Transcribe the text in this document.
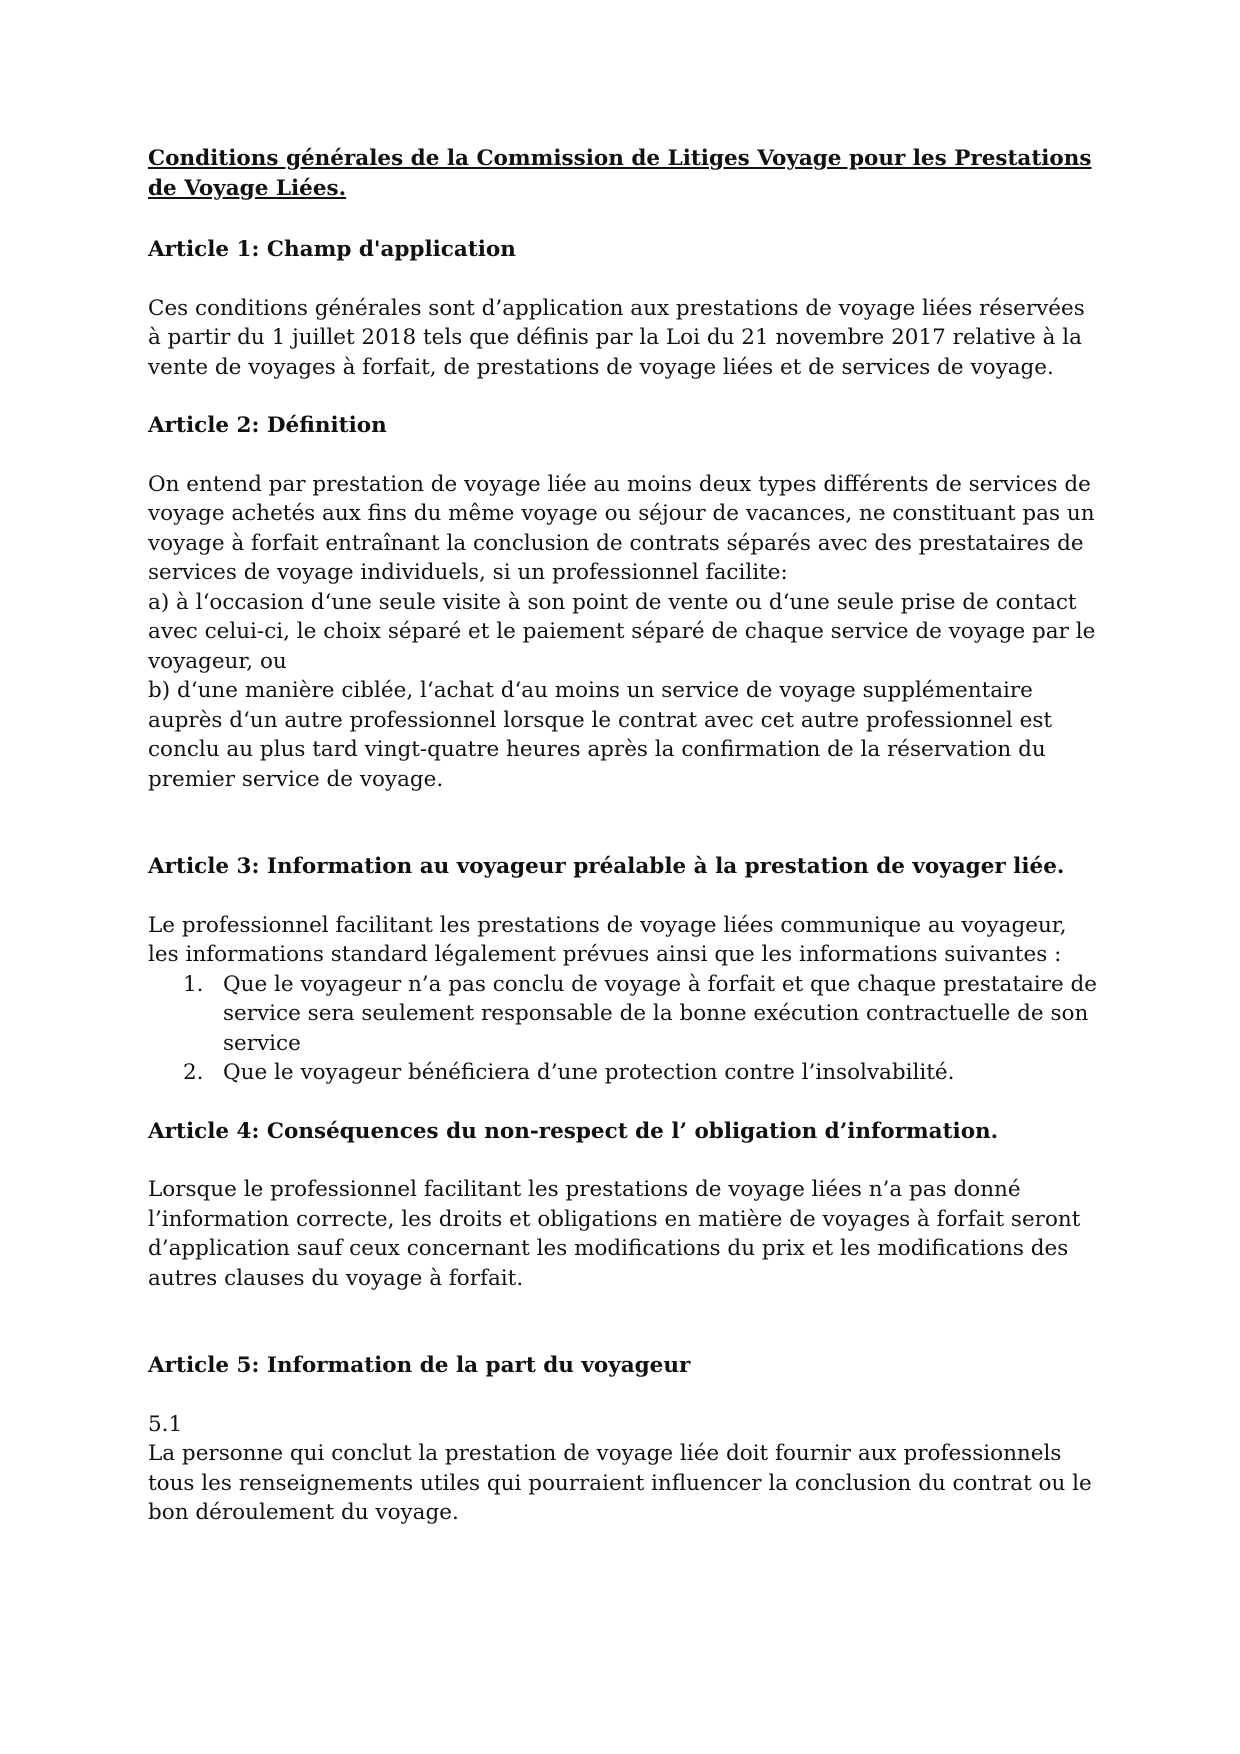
Conditions générales de la Commission de Litiges Voyage pour les Prestations de Voyage Liées.

Article 1: Champ d'application

Ces conditions générales sont d’application aux prestations de voyage liées réservées à partir du 1 juillet 2018 tels que définis par la Loi du 21 novembre 2017 relative à la vente de voyages à forfait, de prestations de voyage liées et de services de voyage.

Article 2: Définition

On entend par prestation de voyage liée au moins deux types différents de services de voyage achetés aux fins du même voyage ou séjour de vacances, ne constituant pas un voyage à forfait entraînant la conclusion de contrats séparés avec des prestataires de services de voyage individuels, si un professionnel facilite:

a) à l‘occasion d‘une seule visite à son point de vente ou d‘une seule prise de contact avec celui-ci, le choix séparé et le paiement séparé de chaque service de voyage par le voyageur, ou

b) d‘une manière ciblée, l‘achat d‘au moins un service de voyage supplémentaire auprès d‘un autre professionnel lorsque le contrat avec cet autre professionnel est conclu au plus tard vingt-quatre heures après la confirmation de la réservation du premier service de voyage.

Article 3: Information au voyageur préalable à la prestation de voyager liée.

Le professionnel facilitant les prestations de voyage liées communique au voyageur, les informations standard légalement prévues ainsi que les informations suivantes :

1. Que le voyageur n’a pas conclu de voyage à forfait et que chaque prestataire de service sera seulement responsable de la bonne exécution contractuelle de son service
2. Que le voyageur bénéficiera d’une protection contre l’insolvabilité.
Article 4: Conséquences du non-respect de l’ obligation d’information.

Lorsque le professionnel facilitant les prestations de voyage liées n’a pas donné l’information correcte, les droits et obligations en matière de voyages à forfait seront d’application sauf ceux concernant les modifications du prix et les modifications des autres clauses du voyage à forfait.

Article 5: Information de la part du voyageur

5.1

La personne qui conclut la prestation de voyage liée doit fournir aux professionnels tous les renseignements utiles qui pourraient influencer la conclusion du contrat ou le bon déroulement du voyage.
